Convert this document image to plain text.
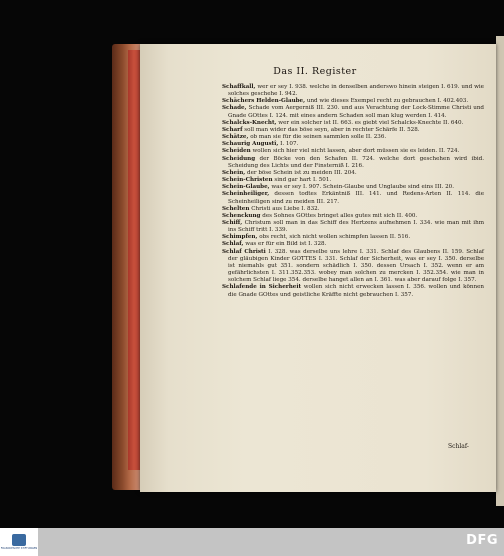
Das II. Register
Schaffkall, wer er sey I. 938. welche in denselben anderswo hinein steigen I. 619. und wie solches geschehe I. 942.
Schächers Helden-Glaube, und wie dieses Exempel recht zu gebrauchen I. 402.403.
Schade, Schade vom Aergerniß III. 230. und aus Verachtung der Lock-Stimme Christi und Gnade GOttes I. 124. mit eines andern Schaden soll man klug werden I. 414.
Schalcks-Knecht, wer ein solcher ist II. 663. es giebt viel Schalcks-Knechte II. 640.
Scharf soll man wider das böse seyn, aber in rechter Schärfe II. 528.
Schätze, ob man sie für die seinen sammlen solle II. 236.
Schaurig Augustî, I. 107.
Scheiden wollen sich hier viel nicht lassen, aber dort müssen sie es leiden. II. 724.
Scheidung der Böcke von den Schafen II. 724. welche dort geschehen wird ibid. Scheidung des Lichts und der Finsterniß I. 216.
Schein, der böse Schein ist zu meiden III. 204.
Schein-Christen sind gar hart I. 501.
Schein-Glaube, was er sey I. 907. Schein-Glaube und Unglaube sind eins III. 20.
Scheinheiliger, dessen todtes Erkäntniß III. 141. und Redens-Arten II. 114. die Scheinheiligen sind zu meiden III. 217.
Schelten Christi aus Liebe I. 832.
Schenckung des Sohnes GOttes bringet alles gutes mit sich II. 400.
Schiff, Christum soll man in das Schiff des Hertzens aufnehmen I. 334. wie man mit ihm ins Schiff tritt I. 339.
Schimpfen, obs recht, sich nicht wollen schimpfen lassen II. 516.
Schlaf, was er für ein Bild ist I. 328.
Schlaf Christi I. 328. was derselbe uns lehre I. 331. Schlaf des Glaubens II. 159. Schlaf der gläubigen Kinder GOTTES I. 331. Schlaf der Sicherheit, was er sey I. 350. derselbe ist niemahls gut 351. sondern schädlich I. 350. dessen Ursach I. 352. wenn er am gefährlichsten I. 311.352.353. wobey man solchen zu mercken I. 352.354. wie man in solchem Schlaf liege 354. derselbe hanget allen an I. 361. was aber darauf folge I. 357.
Schlafende in Sicherheit wollen sich nicht erwecken lassen I. 356. wollen und können die Gnade GOttes und geistliche Kräffte nicht gebrauchen I. 357.
Schlaf-
FRANCKESCHE STIFTUNGEN
DFG
